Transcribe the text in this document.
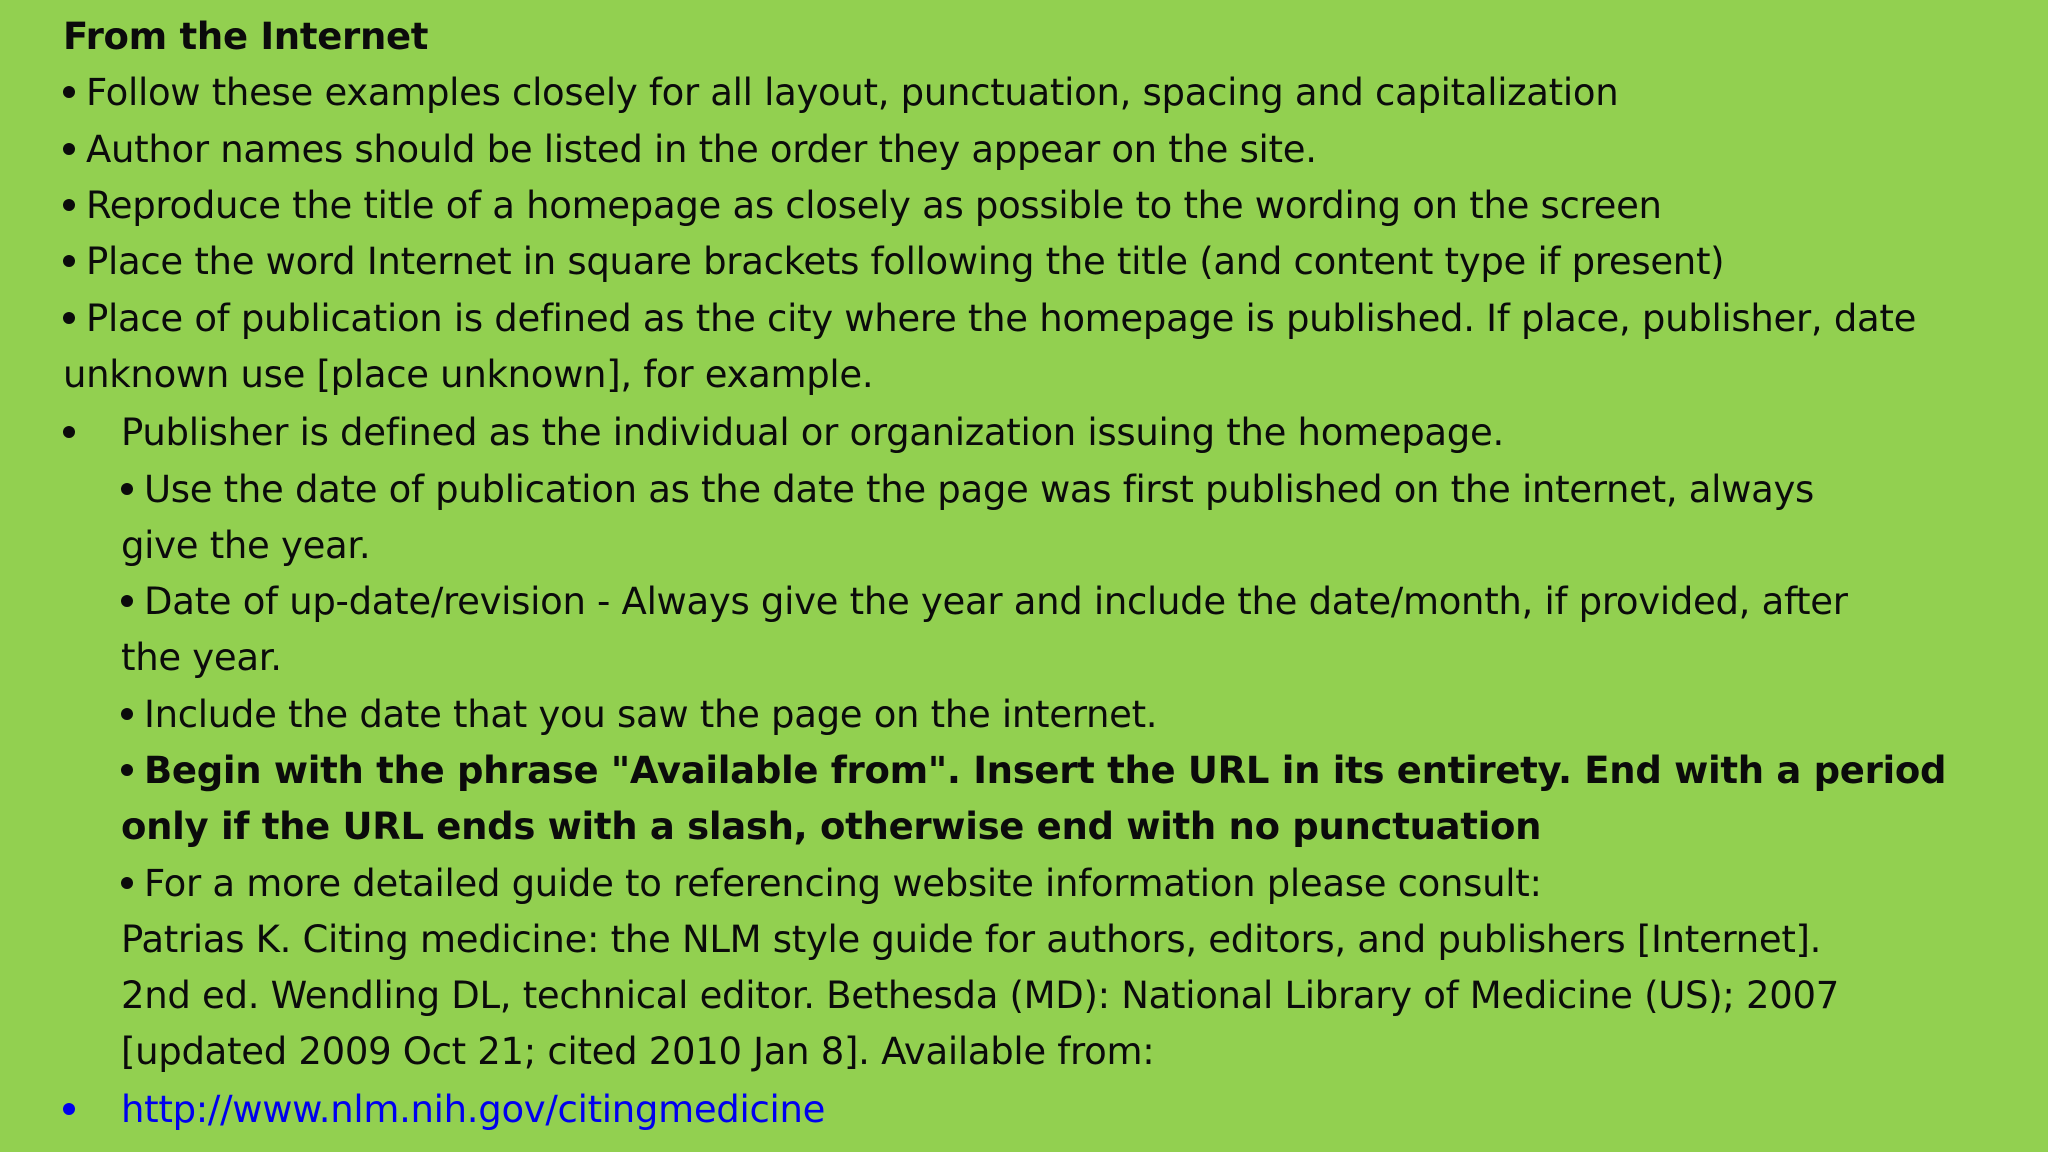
From the Internet
Follow these examples closely for all layout, punctuation, spacing and capitalization
Author names should be listed in the order they appear on the site.
Reproduce the title of a homepage as closely as possible to the wording on the screen
Place the word Internet in square brackets following the title (and content type if present)
Place of publication is defined as the city where the homepage is published. If place, publisher, date
unknown use [place unknown], for example.
Publisher is defined as the individual or organization issuing the homepage.
Use the date of publication as the date the page was first published on the internet, always
give the year.
Date of up-date/revision - Always give the year and include the date/month, if provided, after
the year.
Include the date that you saw the page on the internet.
Begin with the phrase "Available from". Insert the URL in its entirety. End with a period
only if the URL ends with a slash, otherwise end with no punctuation
For a more detailed guide to referencing website information please consult:
Patrias K. Citing medicine: the NLM style guide for authors, editors, and publishers [Internet].
2nd ed. Wendling DL, technical editor. Bethesda (MD): National Library of Medicine (US); 2007
[updated 2009 Oct 21; cited 2010 Jan 8]. Available from:
http://www.nlm.nih.gov/citingmedicine
